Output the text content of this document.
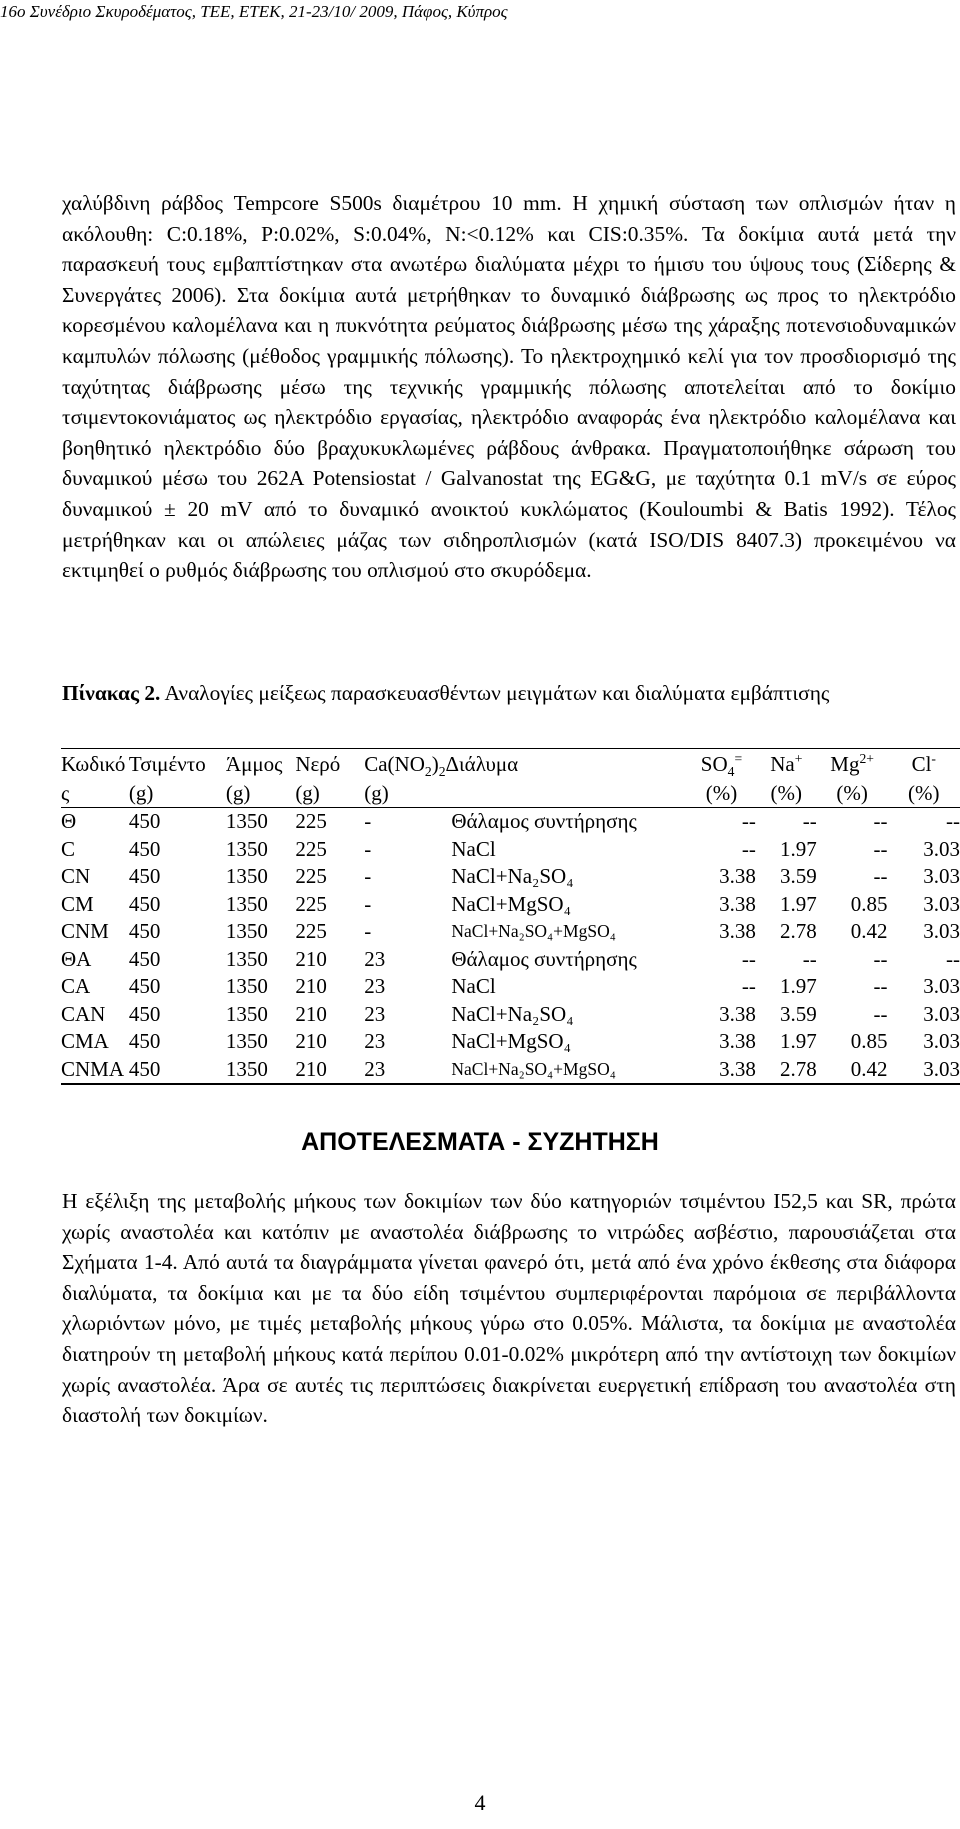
16ο Συνέδριο Σκυροδέματος, ΤΕΕ, ΕΤΕΚ, 21-23/10/ 2009, Πάφος, Κύπρος

χαλύβδινη ράβδος Tempcore S500s διαμέτρου 10 mm. Η χημική σύσταση των οπλισμών ήταν η ακόλουθη: C:0.18%, P:0.02%, S:0.04%, N:<0.12% και CIS:0.35%. Τα δοκίμια αυτά μετά την παρασκευή τους εμβαπτίστηκαν στα ανωτέρω διαλύματα μέχρι το ήμισυ του ύψους τους (Σίδερης & Συνεργάτες 2006). Στα δοκίμια αυτά μετρήθηκαν το δυναμικό διάβρωσης ως προς το ηλεκτρόδιο κορεσμένου καλομέλανα και η πυκνότητα ρεύματος διάβρωσης μέσω της χάραξης ποτενσιοδυναμικών καμπυλών πόλωσης (μέθοδος γραμμικής πόλωσης). Το ηλεκτροχημικό κελί για τον προσδιορισμό της ταχύτητας διάβρωσης μέσω της τεχνικής γραμμικής πόλωσης αποτελείται από το δοκίμιο τσιμεντοκονιάματος ως ηλεκτρόδιο εργασίας, ηλεκτρόδιο αναφοράς ένα ηλεκτρόδιο καλομέλανα και βοηθητικό ηλεκτρόδιο δύο βραχυκυκλωμένες ράβδους άνθρακα. Πραγματοποιήθηκε σάρωση του δυναμικού μέσω του 262A Potensiostat / Galvanostat της EG&G, με ταχύτητα 0.1 mV/s σε εύρος δυναμικού ± 20 mV από το δυναμικό ανοικτού κυκλώματος (Kouloumbi & Batis 1992). Τέλος μετρήθηκαν και οι απώλειες μάζας των σιδηροπλισμών (κατά ISO/DIS 8407.3) προκειμένου να εκτιμηθεί ο ρυθμός διάβρωσης του οπλισμού στο σκυρόδεμα.

Πίνακας 2. Αναλογίες μείξεως παρασκευασθέντων μειγμάτων και διαλύματα εμβάπτισης

Κωδικό	Τσιμέντο	Άμμος	Νερό	$Ca(NO_2)_2\Delta\iota ά\lambda\upsilon\mu\alpha$		$SO_4^=$	Na+	$Mg^{2+}$	Cl-
ς	(g)	(g)	(g)	(g)		(%)	(%)	(%)	(%)
Θ	450	1350	225	-	Θάλαμος συντήρησης	--	--	--	--
C	450	1350	225	-	NaCl	--	1.97	--	3.03
CN	450	1350	225	-	NaCl+Na₂SO₄	3.38	3.59	--	3.03
CM	450	1350	225	-	NaCl+MgSO₄	3.38	1.97	0.85	3.03
CNM	450	1350	225	-	NaCl+Na₂SO₄+MgSO₄	3.38	2.78	0.42	3.03
ΘA	450	1350	210	23	Θάλαμος συντήρησης	--	--	--	--
CA	450	1350	210	23	NaCl	--	1.97	--	3.03
CAN	450	1350	210	23	NaCl+Na₂SO₄	3.38	3.59	--	3.03
CMA	450	1350	210	23	NaCl+MgSO₄	3.38	1.97	0.85	3.03
CNMA	450	1350	210	23	NaCl+Na₂SO₄+MgSO₄	3.38	2.78	0.42	3.03
ΑΠΟΤΕΛΕΣΜΑΤΑ - ΣΥΖΗΤΗΣΗ

Η εξέλιξη της μεταβολής μήκους των δοκιμίων των δύο κατηγοριών τσιμέντου I52,5 και SR, πρώτα χωρίς αναστολέα και κατόπιν με αναστολέα διάβρωσης το νιτρώδες ασβέστιο, παρουσιάζεται στα Σχήματα 1-4. Από αυτά τα διαγράμματα γίνεται φανερό ότι, μετά από ένα χρόνο έκθεσης στα διάφορα διαλύματα, τα δοκίμια και με τα δύο είδη τσιμέντου συμπεριφέρονται παρόμοια σε περιβάλλοντα χλωριόντων μόνο, με τιμές μεταβολής μήκους γύρω στο 0.05%. Μάλιστα, τα δοκίμια με αναστολέα διατηρούν τη μεταβολή μήκους κατά περίπου 0.01-0.02% μικρότερη από την αντίστοιχη των δοκιμίων χωρίς αναστολέα. Άρα σε αυτές τις περιπτώσεις διακρίνεται ευεργετική επίδραση του αναστολέα στη διαστολή των δοκιμίων.

4
